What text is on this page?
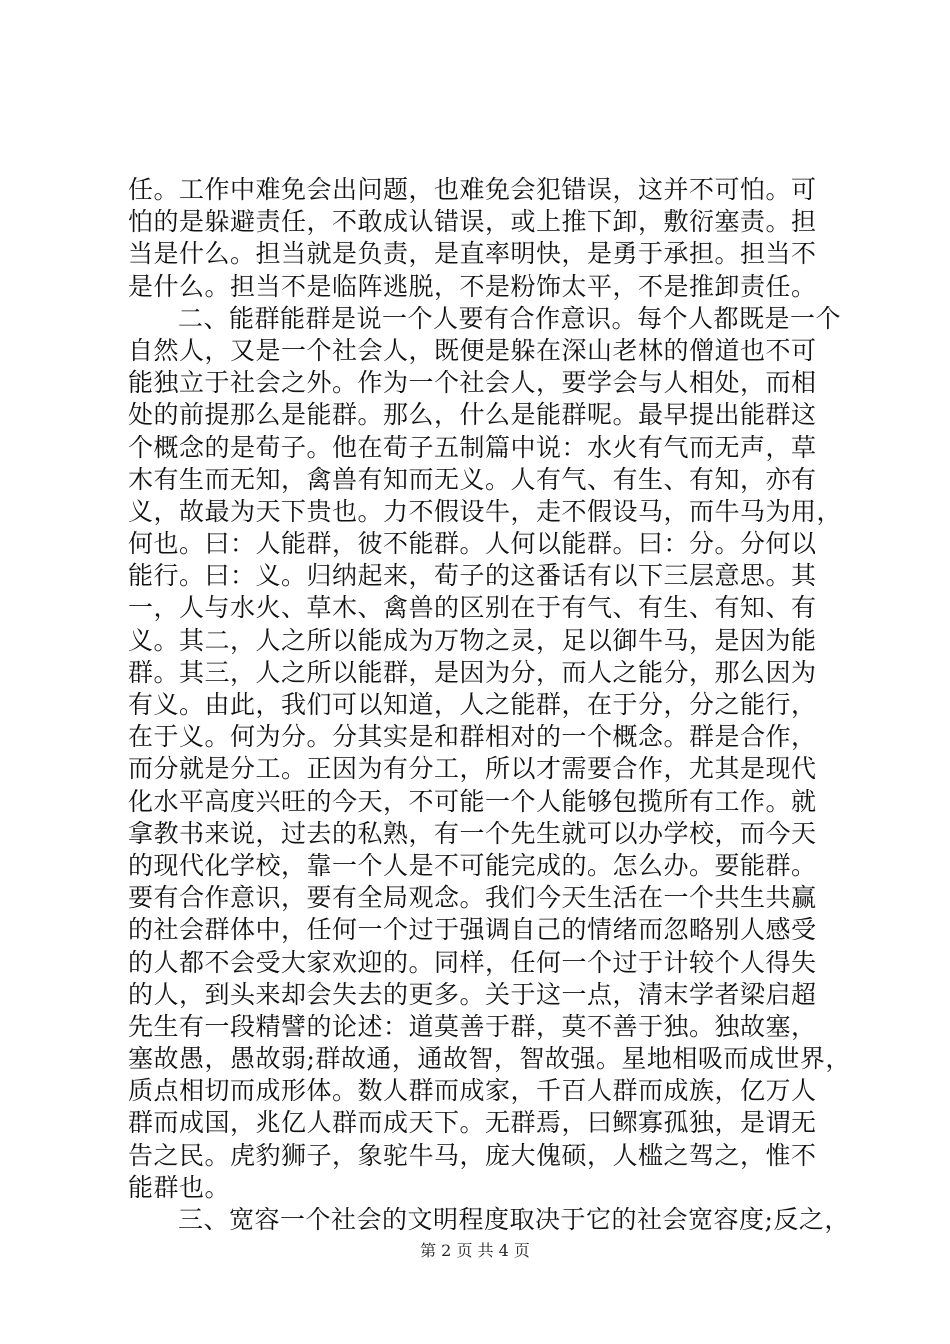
任。工作中难免会出问题，也难免会犯错误，这并不可怕。可
怕的是躲避责任，不敢成认错误，或上推下卸，敷衍塞责。担
当是什么。担当就是负责，是直率明快，是勇于承担。担当不
是什么。担当不是临阵逃脱，不是粉饰太平，不是推卸责任。
二、能群能群是说一个人要有合作意识。每个人都既是一个
自然人，又是一个社会人，既便是躲在深山老林的僧道也不可
能独立于社会之外。作为一个社会人，要学会与人相处，而相
处的前提那么是能群。那么，什么是能群呢。最早提出能群这
个概念的是荀子。他在荀子五制篇中说：水火有气而无声，草
木有生而无知，禽兽有知而无义。人有气、有生、有知，亦有
义，故最为天下贵也。力不假设牛，走不假设马，而牛马为用，
何也。曰：人能群，彼不能群。人何以能群。曰：分。分何以
能行。曰：义。归纳起来，荀子的这番话有以下三层意思。其
一，人与水火、草木、禽兽的区别在于有气、有生、有知、有
义。其二，人之所以能成为万物之灵，足以御牛马，是因为能
群。其三，人之所以能群，是因为分，而人之能分，那么因为
有义。由此，我们可以知道，人之能群，在于分，分之能行，
在于义。何为分。分其实是和群相对的一个概念。群是合作，
而分就是分工。正因为有分工，所以才需要合作，尤其是现代
化水平高度兴旺的今天，不可能一个人能够包揽所有工作。就
拿教书来说，过去的私熟，有一个先生就可以办学校，而今天
的现代化学校，靠一个人是不可能完成的。怎么办。要能群。
要有合作意识，要有全局观念。我们今天生活在一个共生共赢
的社会群体中，任何一个过于强调自己的情绪而忽略别人感受
的人都不会受大家欢迎的。同样，任何一个过于计较个人得失
的人，到头来却会失去的更多。关于这一点，清末学者梁启超
先生有一段精譬的论述：道莫善于群，莫不善于独。独故塞，
塞故愚，愚故弱;群故通，通故智，智故强。星地相吸而成世界，
质点相切而成形体。数人群而成家，千百人群而成族，亿万人
群而成国，兆亿人群而成天下。无群焉，曰鳏寡孤独，是谓无
告之民。虎豹狮子，象驼牛马，庞大傀硕，人槛之驾之，惟不
能群也。
三、宽容一个社会的文明程度取决于它的社会宽容度;反之，
第 2 页 共 4 页
